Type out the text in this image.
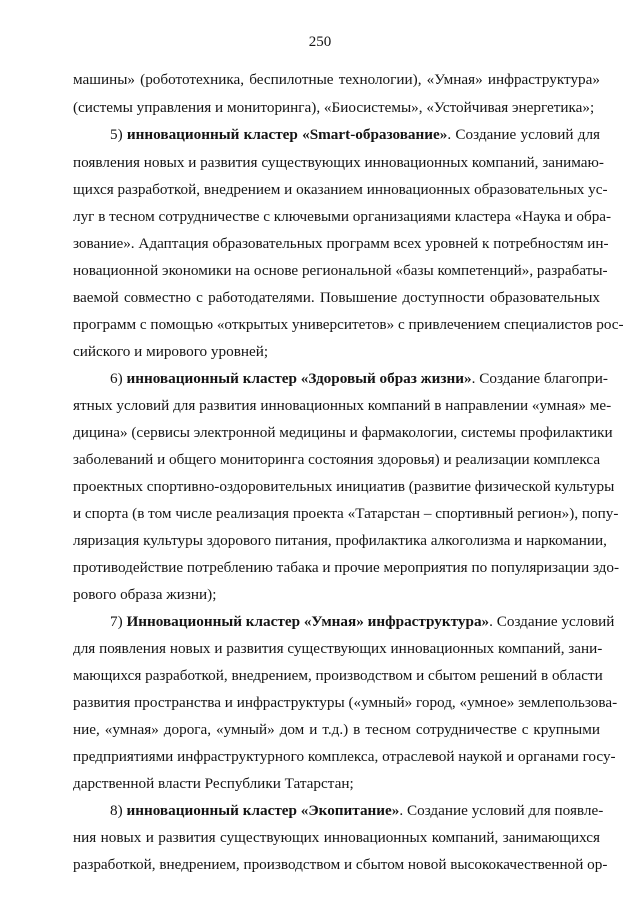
250
машины» (робототехника, беспилотные технологии), «Умная» инфраструктура»
(системы управления и мониторинга), «Биосистемы», «Устойчивая энергетика»;
5) инновационный кластер «Smart-образование». Создание условий для
появления новых и развития существующих инновационных компаний, занимаю-
щихся разработкой, внедрением и оказанием инновационных образовательных ус-
луг в тесном сотрудничестве с ключевыми организациями кластера «Наука и обра-
зование». Адаптация образовательных программ всех уровней к потребностям ин-
новационной экономики на основе региональной «базы компетенций», разрабаты-
ваемой совместно с работодателями. Повышение доступности образовательных
программ с помощью «открытых университетов» с привлечением специалистов рос-
сийского и мирового уровней;
6) инновационный кластер «Здоровый образ жизни». Создание благопри-
ятных условий для развития инновационных компаний в направлении «умная» ме-
дицина» (сервисы электронной медицины и фармакологии, системы профилактики
заболеваний и общего мониторинга состояния здоровья) и реализации комплекса
проектных спортивно-оздоровительных инициатив (развитие физической культуры
и спорта (в том числе реализация проекта «Татарстан – спортивный регион»), попу-
ляризация культуры здорового питания, профилактика алкоголизма и наркомании,
противодействие потреблению табака и прочие мероприятия по популяризации здо-
рового образа жизни);
7) Инновационный кластер «Умная» инфраструктура». Создание условий
для появления новых и развития существующих инновационных компаний, зани-
мающихся разработкой, внедрением, производством и сбытом решений в области
развития пространства и инфраструктуры («умный» город, «умное» землепользова-
ние, «умная» дорога, «умный» дом и т.д.) в тесном сотрудничестве с крупными
предприятиями инфраструктурного комплекса, отраслевой наукой и органами госу-
дарственной власти Республики Татарстан;
8) инновационный кластер «Экопитание». Создание условий для появле-
ния новых и развития существующих инновационных компаний, занимающихся
разработкой, внедрением, производством и сбытом новой высококачественной ор-
